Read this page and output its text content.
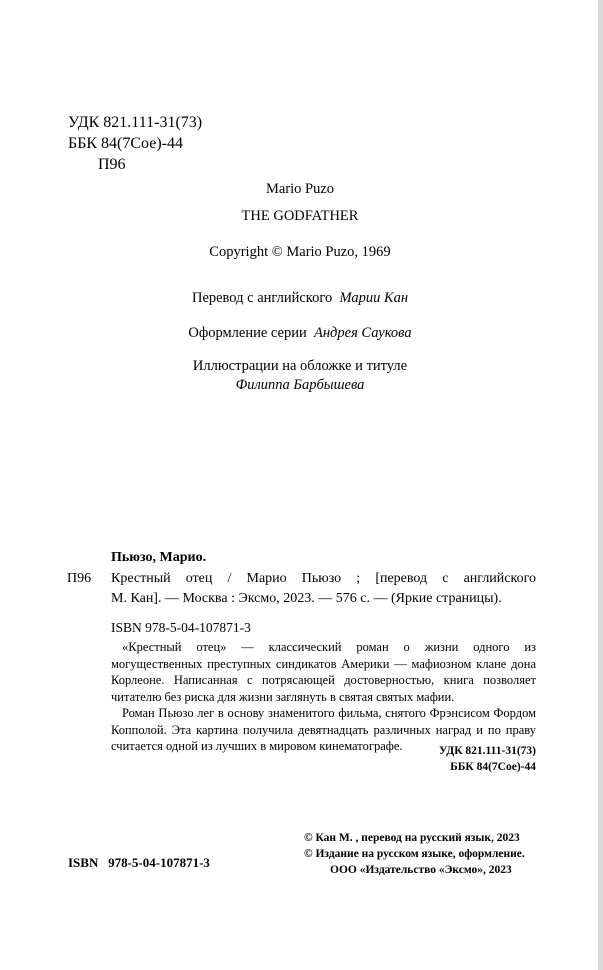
УДК 821.111-31(73)
ББК 84(7Сое)-44
П96
Mario Puzo
THE GODFATHER
Copyright © Mario Puzo, 1969
Перевод с английского Марии Кан
Оформление серии Андрея Саукова
Иллюстрации на обложке и титуле
Филиппа Барбышева
Пьюзо, Марио.
П96 Крестный отец / Марио Пьюзо ; [перевод с английского
М. Кан]. — Москва : Эксмо, 2023. — 576 с. — (Яркие страницы).
ISBN 978-5-04-107871-3

«Крестный отец» — классический роман о жизни одного из могущественных преступных синдикатов Америки — мафиозном клане дона Корлеоне. Написанная с потрясающей достоверностью, книга позволяет читателю без риска для жизни заглянуть в святая святых мафии.

Роман Пьюзо лег в основу знаменитого фильма, снятого Фрэнсисом Фордом Копполой. Эта картина получила девятнадцать различных наград и по праву считается одной из лучших в мировом кинематографе.	УДК 821.111-31(73)
ББК 84(7Сое)-44
© Кан М. , перевод на русский язык, 2023
© Издание на русском языке, оформление.
ООО «Издательство «Эксмо», 2023
ISBN   978-5-04-107871-3
